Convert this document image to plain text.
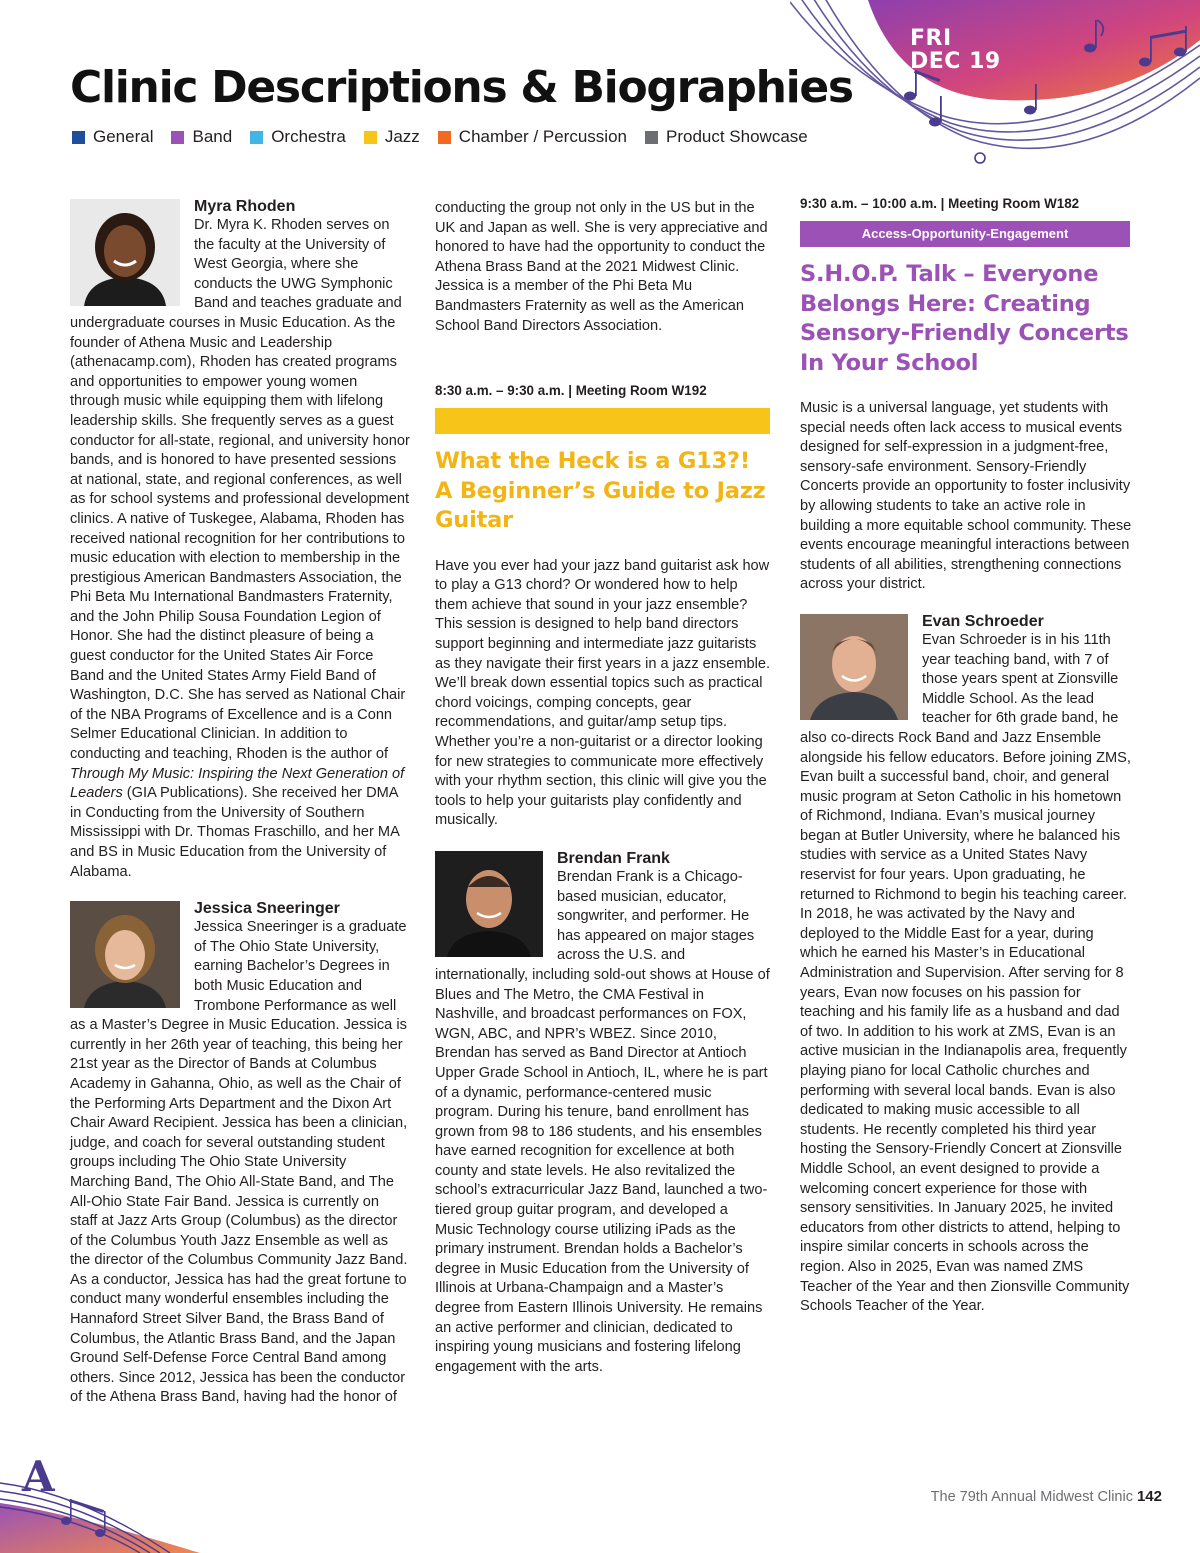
FRI
DEC 19
Clinic Descriptions & Biographies
General Band Orchestra Jazz Chamber / Percussion Product Showcase
Myra Rhoden

Dr. Myra K. Rhoden serves on the faculty at the University of West Georgia, where she conducts the UWG Symphonic Band and teaches graduate and undergraduate courses in Music Education. As the founder of Athena Music and Leadership (athenacamp.com), Rhoden has created programs and opportunities to empower young women through music while equipping them with lifelong leadership skills. She frequently serves as a guest conductor for all-state, regional, and university honor bands, and is honored to have presented sessions at national, state, and regional conferences, as well as for school systems and professional development clinics. A native of Tuskegee, Alabama, Rhoden has received national recognition for her contributions to music education with election to membership in the prestigious American Bandmasters Association, the Phi Beta Mu International Bandmasters Fraternity, and the John Philip Sousa Foundation Legion of Honor. She had the distinct pleasure of being a guest conductor for the United States Air Force Band and the United States Army Field Band of Washington, D.C. She has served as National Chair of the NBA Programs of Excellence and is a Conn Selmer Educational Clinician. In addition to conducting and teaching, Rhoden is the author of Through My Music: Inspiring the Next Generation of Leaders (GIA Publications). She received her DMA in Conducting from the University of Southern Mississippi with Dr. Thomas Fraschillo, and her MA and BS in Music Education from the University of Alabama.

Jessica Sneeringer

Jessica Sneeringer is a graduate of The Ohio State University, earning Bachelor’s Degrees in both Music Education and Trombone Performance as well as a Master’s Degree in Music Education. Jessica is currently in her 26th year of teaching, this being her 21st year as the Director of Bands at Columbus Academy in Gahanna, Ohio, as well as the Chair of the Performing Arts Department and the Dixon Art Chair Award Recipient. Jessica has been a clinician, judge, and coach for several outstanding student groups including The Ohio State University Marching Band, The Ohio All-State Band, and The All-Ohio State Fair Band. Jessica is currently on staff at Jazz Arts Group (Columbus) as the director of the Columbus Youth Jazz Ensemble as well as the director of the Columbus Community Jazz Band. As a conductor, Jessica has had the great fortune to conduct many wonderful ensembles including the Hannaford Street Silver Band, the Brass Band of Columbus, the Atlantic Brass Band, and the Japan Ground Self-Defense Force Central Band among others. Since 2012, Jessica has been the conductor of the Athena Brass Band, having had the honor of

conducting the group not only in the US but in the UK and Japan as well. She is very appreciative and honored to have had the opportunity to conduct the Athena Brass Band at the 2021 Midwest Clinic. Jessica is a member of the Phi Beta Mu Bandmasters Fraternity as well as the American School Band Directors Association.

8:30 a.m. – 9:30 a.m. | Meeting Room W192
What the Heck is a G13?! A Beginner’s Guide to Jazz Guitar

Have you ever had your jazz band guitarist ask how to play a G13 chord? Or wondered how to help them achieve that sound in your jazz ensemble? This session is designed to help band directors support beginning and intermediate jazz guitarists as they navigate their first years in a jazz ensemble. We’ll break down essential topics such as practical chord voicings, comping concepts, gear recommendations, and guitar/amp setup tips. Whether you’re a non-guitarist or a director looking for new strategies to communicate more effectively with your rhythm section, this clinic will give you the tools to help your guitarists play confidently and musically.

Brendan Frank

Brendan Frank is a Chicago-based musician, educator, songwriter, and performer. He has appeared on major stages across the U.S. and internationally, including sold-out shows at House of Blues and The Metro, the CMA Festival in Nashville, and broadcast performances on FOX, WGN, ABC, and NPR’s WBEZ. Since 2010, Brendan has served as Band Director at Antioch Upper Grade School in Antioch, IL, where he is part of a dynamic, performance-centered music program. During his tenure, band enrollment has grown from 98 to 186 students, and his ensembles have earned recognition for excellence at both county and state levels. He also revitalized the school’s extracurricular Jazz Band, launched a two-tiered group guitar program, and developed a Music Technology course utilizing iPads as the primary instrument. Brendan holds a Bachelor’s degree in Music Education from the University of Illinois at Urbana-Champaign and a Master’s degree from Eastern Illinois University. He remains an active performer and clinician, dedicated to inspiring young musicians and fostering lifelong engagement with the arts.

9:30 a.m. – 10:00 a.m. | Meeting Room W182
Access-Opportunity-Engagement
S.H.O.P. Talk – Everyone Belongs Here: Creating Sensory-Friendly Concerts In Your School

Music is a universal language, yet students with special needs often lack access to musical events designed for self-expression in a judgment-free, sensory-safe environment. Sensory-Friendly Concerts provide an opportunity to foster inclusivity by allowing students to take an active role in building a more equitable school community. These events encourage meaningful interactions between students of all abilities, strengthening connections across your district.

Evan Schroeder

Evan Schroeder is in his 11th year teaching band, with 7 of those years spent at Zionsville Middle School. As the lead teacher for 6th grade band, he also co-directs Rock Band and Jazz Ensemble alongside his fellow educators. Before joining ZMS, Evan built a successful band, choir, and general music program at Seton Catholic in his hometown of Richmond, Indiana. Evan’s musical journey began at Butler University, where he balanced his studies with service as a United States Navy reservist for four years. Upon graduating, he returned to Richmond to begin his teaching career. In 2018, he was activated by the Navy and deployed to the Middle East for a year, during which he earned his Master’s in Educational Administration and Supervision. After serving for 8 years, Evan now focuses on his passion for teaching and his family life as a husband and dad of two. In addition to his work at ZMS, Evan is an active musician in the Indianapolis area, frequently playing piano for local Catholic churches and performing with several local bands. Evan is also dedicated to making music accessible to all students. He recently completed his third year hosting the Sensory-Friendly Concert at Zionsville Middle School, an event designed to provide a welcoming concert experience for those with sensory sensitivities. In January 2025, he invited educators from other districts to attend, helping to inspire similar concerts in schools across the region. Also in 2025, Evan was named ZMS Teacher of the Year and then Zionsville Community Schools Teacher of the Year.

A	The 79th Annual Midwest Clinic 142
